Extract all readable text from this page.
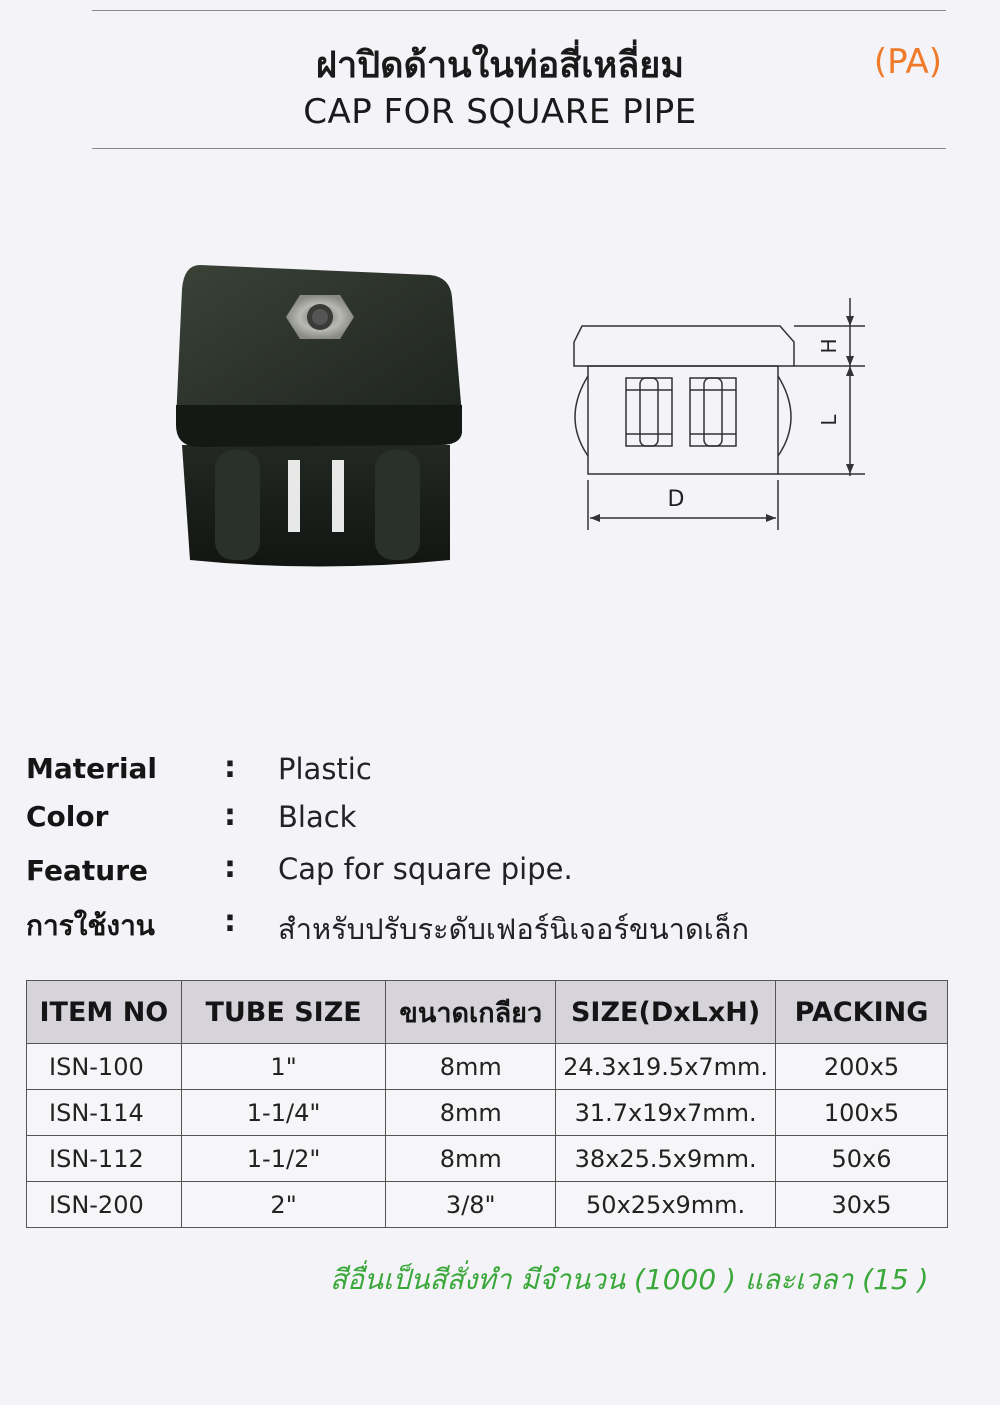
ฝาปิดด้านในท่อสี่เหลี่ยม	(PA)
CAP FOR SQUARE PIPE
D
H
L
Material : Plastic
Color	: Black
Feature	: Cap for square pipe.
การใช้งาน : สำหรับปรับระดับเฟอร์นิเจอร์ขนาดเล็ก
ITEM NO	TUBE SIZE	ขนาดเกลียว	SIZE(DxLxH)	PACKING
ISN-100	1"	8mm	24.3x19.5x7mm.	200x5
ISN-114	1-1/4"	8mm	31.7x19x7mm.	100x5
ISN-112	1-1/2"	8mm	38x25.5x9mm.	50x6
ISN-200	2"	3/8"	50x25x9mm.	30x5
สีอื่นเป็นสีสั่งทำ มีจำนวน (1000 ) และเวลา (15 )
